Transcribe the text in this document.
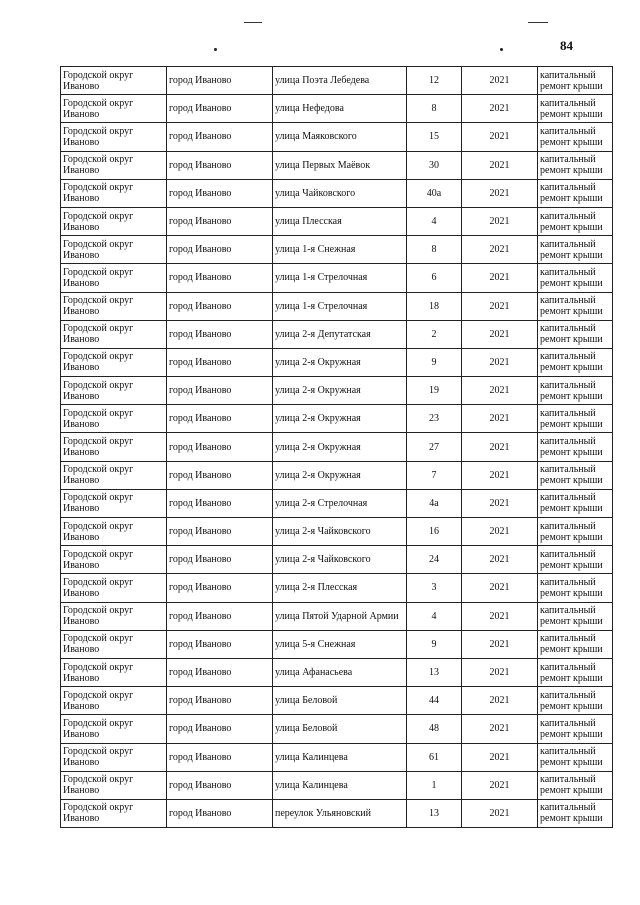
84
Городской округ Иваново	город Иваново	улица Поэта Лебедева	12	2021	капитальный ремонт крыши
Городской округ Иваново	город Иваново	улица Нефедова	8	2021	капитальный ремонт крыши
Городской округ Иваново	город Иваново	улица Маяковского	15	2021	капитальный ремонт крыши
Городской округ Иваново	город Иваново	улица Первых Маёвок	30	2021	капитальный ремонт крыши
Городской округ Иваново	город Иваново	улица Чайковского	40а	2021	капитальный ремонт крыши
Городской округ Иваново	город Иваново	улица Плесская	4	2021	капитальный ремонт крыши
Городской округ Иваново	город Иваново	улица 1-я Снежная	8	2021	капитальный ремонт крыши
Городской округ Иваново	город Иваново	улица 1-я Стрелочная	6	2021	капитальный ремонт крыши
Городской округ Иваново	город Иваново	улица 1-я Стрелочная	18	2021	капитальный ремонт крыши
Городской округ Иваново	город Иваново	улица 2-я Депутатская	2	2021	капитальный ремонт крыши
Городской округ Иваново	город Иваново	улица 2-я Окружная	9	2021	капитальный ремонт крыши
Городской округ Иваново	город Иваново	улица 2-я Окружная	19	2021	капитальный ремонт крыши
Городской округ Иваново	город Иваново	улица 2-я Окружная	23	2021	капитальный ремонт крыши
Городской округ Иваново	город Иваново	улица 2-я Окружная	27	2021	капитальный ремонт крыши
Городской округ Иваново	город Иваново	улица 2-я Окружная	7	2021	капитальный ремонт крыши
Городской округ Иваново	город Иваново	улица 2-я Стрелочная	4а	2021	капитальный ремонт крыши
Городской округ Иваново	город Иваново	улица 2-я Чайковского	16	2021	капитальный ремонт крыши
Городской округ Иваново	город Иваново	улица 2-я Чайковского	24	2021	капитальный ремонт крыши
Городской округ Иваново	город Иваново	улица 2-я Плесская	3	2021	капитальный ремонт крыши
Городской округ Иваново	город Иваново	улица Пятой Ударной Армии	4	2021	капитальный ремонт крыши
Городской округ Иваново	город Иваново	улица 5-я Снежная	9	2021	капитальный ремонт крыши
Городской округ Иваново	город Иваново	улица Афанасьева	13	2021	капитальный ремонт крыши
Городской округ Иваново	город Иваново	улица Беловой	44	2021	капитальный ремонт крыши
Городской округ Иваново	город Иваново	улица Беловой	48	2021	капитальный ремонт крыши
Городской округ Иваново	город Иваново	улица Калинцева	61	2021	капитальный ремонт крыши
Городской округ Иваново	город Иваново	улица Калинцева	1	2021	капитальный ремонт крыши
Городской округ Иваново	город Иваново	переулок Ульяновский	13	2021	капитальный ремонт крыши
